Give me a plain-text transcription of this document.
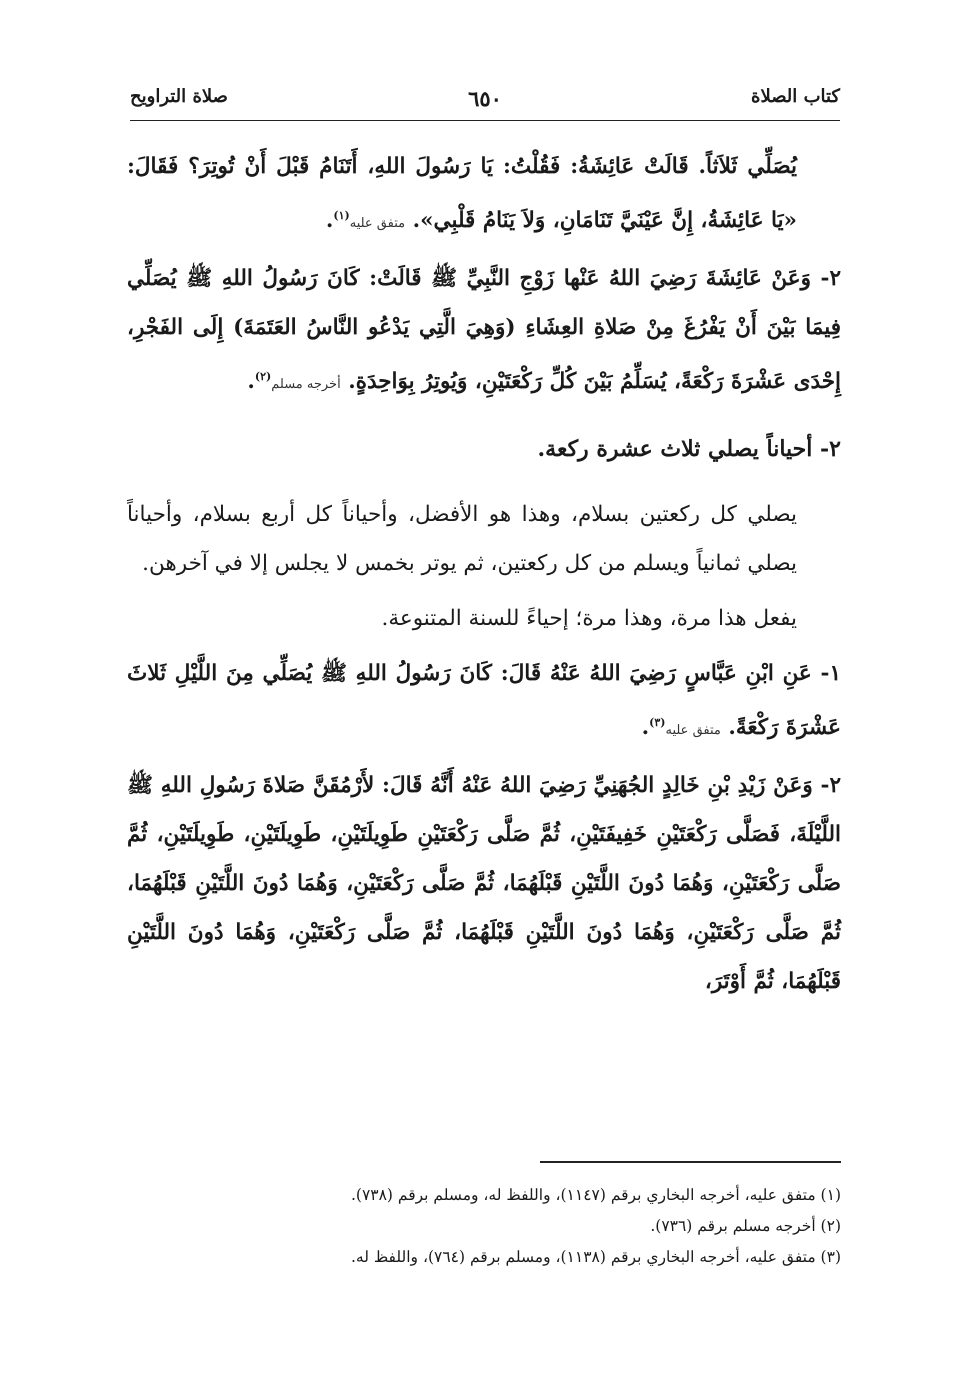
كتاب الصلاة
٦٥٠
صلاة التراويح

يُصَلِّي ثَلاَثاً. قَالَتْ عَائِشَةُ: فَقُلْتُ: يَا رَسُولَ اللهِ، أَتَنَامُ قَبْلَ أَنْ تُوتِرَ؟ فَقَالَ: «يَا عَائِشَةُ، إِنَّ عَيْنَيَّ تَنَامَانِ، وَلاَ يَنَامُ قَلْبِي». متفق عليه$^{(١)}$.

٢- وَعَنْ عَائِشَةَ رَضِيَ اللهُ عَنْها زَوْجِ النَّبِيِّ ﷺ قَالَتْ: كَانَ رَسُولُ اللهِ ﷺ يُصَلِّي فِيمَا بَيْنَ أَنْ يَفْرُغَ مِنْ صَلاةِ العِشَاءِ (وَهِيَ الَّتِي يَدْعُو النَّاسُ العَتَمَةَ) إِلَى الفَجْرِ، إِحْدَى عَشْرَةَ رَكْعَةً، يُسَلِّمُ بَيْنَ كُلِّ رَكْعَتَيْنِ، وَيُوتِرُ بِوَاحِدَةٍ. أخرجه مسلم$^{(٢)}$.

٢- أحياناً يصلي ثلاث عشرة ركعة.

يصلي كل ركعتين بسلام، وهذا هو الأفضل، وأحياناً كل أربع بسلام، وأحياناً يصلي ثمانياً ويسلم من كل ركعتين، ثم يوتر بخمس لا يجلس إلا في آخرهن.

يفعل هذا مرة، وهذا مرة؛ إحياءً للسنة المتنوعة.

١- عَنِ ابْنِ عَبَّاسٍ رَضِيَ اللهُ عَنْهُ قَالَ: كَانَ رَسُولُ اللهِ ﷺ يُصَلِّي مِنَ اللَّيْلِ ثَلاثَ عَشْرَةَ رَكْعَةً. متفق عليه$^{(٣)}$.

٢- وَعَنْ زَيْدِ بْنِ خَالِدٍ الجُهَنِيِّ رَضِيَ اللهُ عَنْهُ أَنَّهُ قَالَ: لأَرْمُقَنَّ صَلاةَ رَسُولِ اللهِ ﷺ اللَّيْلَةَ، فَصَلَّى رَكْعَتَيْنِ خَفِيفَتَيْنِ، ثُمَّ صَلَّى رَكْعَتَيْنِ طَوِيلَتَيْنِ، طَوِيلَتَيْنِ، طَوِيلَتَيْنِ، ثُمَّ صَلَّى رَكْعَتَيْنِ، وَهُمَا دُونَ اللَّتَيْنِ قَبْلَهُمَا، ثُمَّ صَلَّى رَكْعَتَيْنِ، وَهُمَا دُونَ اللَّتَيْنِ قَبْلَهُمَا، ثُمَّ صَلَّى رَكْعَتَيْنِ، وَهُمَا دُونَ اللَّتَيْنِ قَبْلَهُمَا، ثُمَّ صَلَّى رَكْعَتَيْنِ، وَهُمَا دُونَ اللَّتَيْنِ قَبْلَهُمَا، ثُمَّ أَوْتَرَ،

(١) متفق عليه، أخرجه البخاري برقم (١١٤٧)، واللفظ له، ومسلم برقم (٧٣٨).
(٢) أخرجه مسلم برقم (٧٣٦).
(٣) متفق عليه، أخرجه البخاري برقم (١١٣٨)، ومسلم برقم (٧٦٤)، واللفظ له.
